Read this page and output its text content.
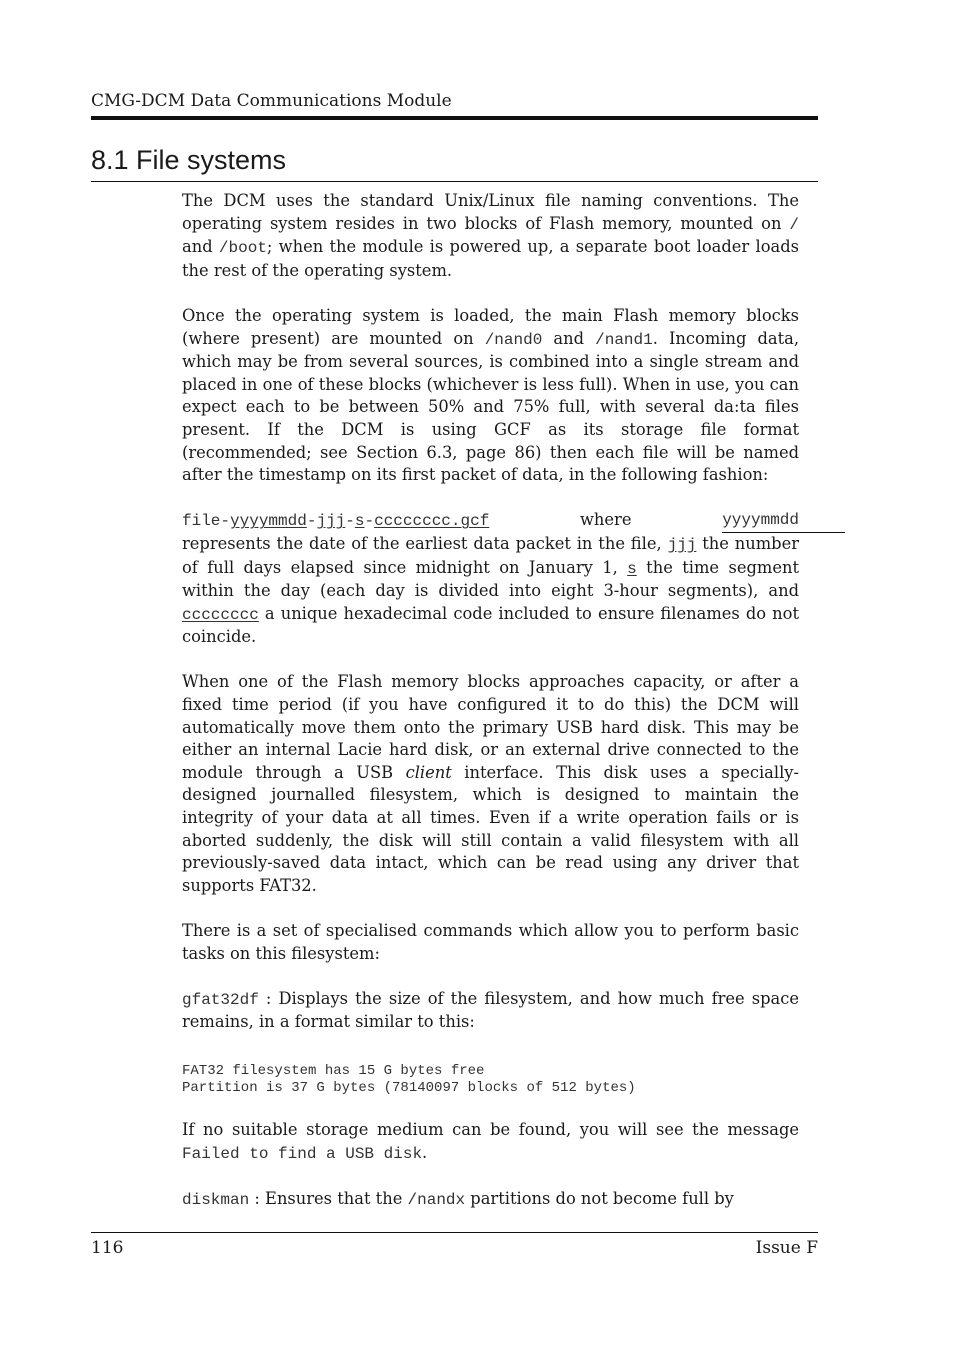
CMG-DCM Data Communications Module
8.1 File systems

The DCM uses the standard Unix/Linux file naming conventions. The operating system resides in two blocks of Flash memory, mounted on / and /boot; when the module is powered up, a separate boot loader loads the rest of the operating system.

Once the operating system is loaded, the main Flash memory blocks (where present) are mounted on /nand0 and /nand1. Incoming data, which may be from several sources, is combined into a single stream and placed in one of these blocks (whichever is less full). When in use, you can expect each to be between 50% and 75% full, with several da:ta files present. If the DCM is using GCF as its storage file format (recommended; see Section 6.3, page 86) then each file will be named after the timestamp on its first packet of data, in the following fashion:

file-yyyymmdd-jjj-s-cccccccc.gcf	where	yyyymmdd
represents the date of the earliest data packet in the file, jjj the number of full days elapsed since midnight on January 1, s the time segment within the day (each day is divided into eight 3-hour segments), and cccccccc a unique hexadecimal code included to ensure filenames do not coincide.

When one of the Flash memory blocks approaches capacity, or after a fixed time period (if you have configured it to do this) the DCM will automatically move them onto the primary USB hard disk. This may be either an internal Lacie hard disk, or an external drive connected to the module through a USB client interface. This disk uses a specially-designed journalled filesystem, which is designed to maintain the integrity of your data at all times. Even if a write operation fails or is aborted suddenly, the disk will still contain a valid filesystem with all previously-saved data intact, which can be read using any driver that supports FAT32.

There is a set of specialised commands which allow you to perform basic tasks on this filesystem:

gfat32df : Displays the size of the filesystem, and how much free space remains, in a format similar to this:

FAT32 filesystem has 15 G bytes free
Partition is 37 G bytes (78140097 blocks of 512 bytes)

If no suitable storage medium can be found, you will see the message Failed to find a USB disk.

diskman : Ensures that the /nandx partitions do not become full by

116	Issue F
